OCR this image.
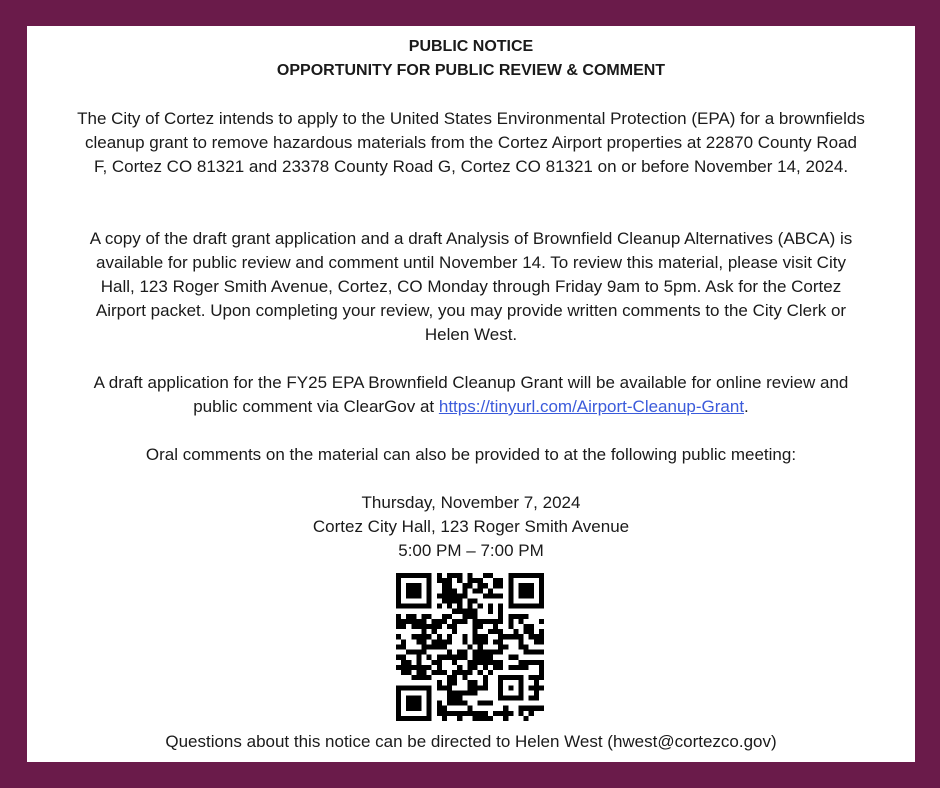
PUBLIC NOTICE

OPPORTUNITY FOR PUBLIC REVIEW & COMMENT

The City of Cortez intends to apply to the United States Environmental Protection (EPA) for a brownfields cleanup grant to remove hazardous materials from the Cortez Airport properties at 22870 County Road F, Cortez CO 81321 and 23378 County Road G, Cortez CO 81321 on or before November 14, 2024.

A copy of the draft grant application and a draft Analysis of Brownfield Cleanup Alternatives (ABCA) is available for public review and comment until November 14. To review this material, please visit City Hall, 123 Roger Smith Avenue, Cortez, CO Monday through Friday 9am to 5pm. Ask for the Cortez Airport packet. Upon completing your review, you may provide written comments to the City Clerk or Helen West.

A draft application for the FY25 EPA Brownfield Cleanup Grant will be available for online review and public comment via ClearGov at https://tinyurl.com/Airport-Cleanup-Grant.

Oral comments on the material can also be provided to at the following public meeting:

Thursday, November 7, 2024

Cortez City Hall, 123 Roger Smith Avenue

5:00 PM – 7:00 PM

Questions about this notice can be directed to Helen West (hwest@cortezco.gov)
